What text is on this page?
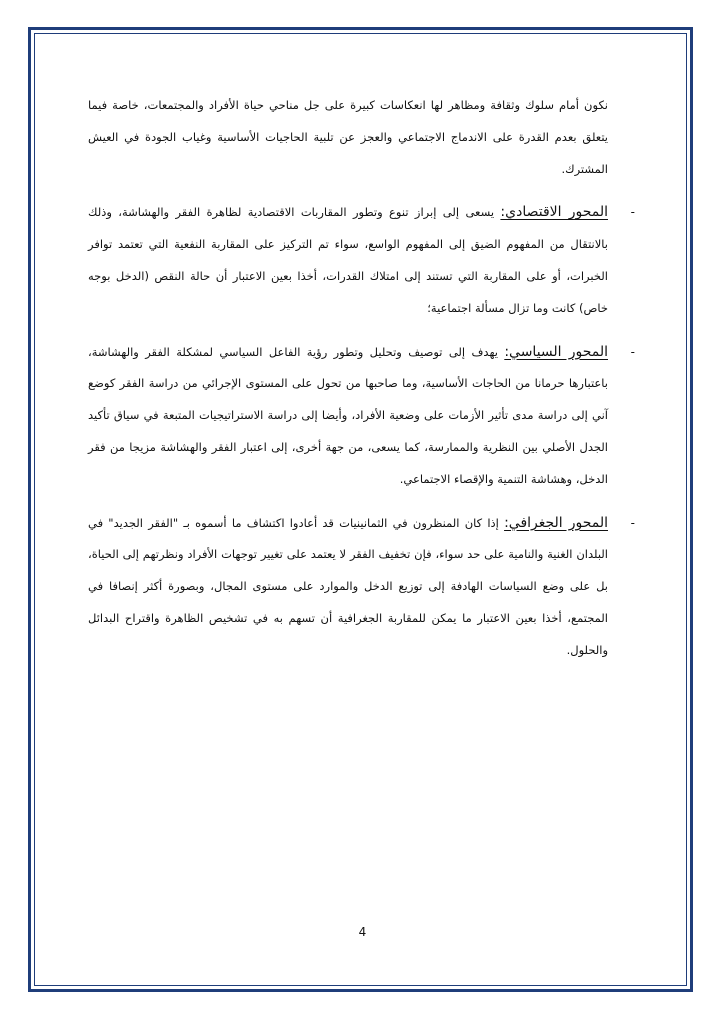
نكون أمام سلوك وثقافة ومظاهر لها انعكاسات كبيرة على جل مناحي حياة الأفراد والمجتمعات، خاصة فيما يتعلق بعدم القدرة على الاندماج الاجتماعي والعجز عن تلبية الحاجيات الأساسية وغياب الجودة في العيش المشترك.

-

المحور الاقتصادي: يسعى إلى إبراز تنوع وتطور المقاربات الاقتصادية لظاهرة الفقر والهشاشة، وذلك بالانتقال من المفهوم الضيق إلى المفهوم الواسع، سواء تم التركيز على المقاربة النفعية التي تعتمد توافر الخبرات، أو على المقاربة التي تستند إلى امتلاك القدرات، أخذا بعين الاعتبار أن حالة النقص (الدخل بوجه خاص) كانت وما تزال مسألة اجتماعية؛

-

المحور السياسي: يهدف إلى توصيف وتحليل وتطور رؤية الفاعل السياسي لمشكلة الفقر والهشاشة، باعتبارها حرمانا من الحاجات الأساسية، وما صاحبها من تحول على المستوى الإجرائي من دراسة الفقر كوضع آني إلى دراسة مدى تأثير الأزمات على وضعية الأفراد، وأيضا إلى دراسة الاستراتيجيات المتبعة في سياق تأكيد الجدل الأصلي بين النظرية والممارسة، كما يسعى، من جهة أخرى، إلى اعتبار الفقر والهشاشة مزيجا من فقر الدخل، وهشاشة التنمية والإقصاء الاجتماعي.

-

المحور الجغرافي: إذا كان المنظرون في الثمانينيات قد أعادوا اكتشاف ما أسموه بـ "الفقر الجديد" في البلدان الغنية والنامية على حد سواء، فإن تخفيف الفقر لا يعتمد على تغيير توجهات الأفراد ونظرتهم إلى الحياة، بل على وضع السياسات الهادفة إلى توزيع الدخل والموارد على مستوى المجال، وبصورة أكثر إنصافا في المجتمع، أخذا بعين الاعتبار ما يمكن للمقاربة الجغرافية أن تسهم به في تشخيص الظاهرة واقتراح البدائل والحلول.

4
